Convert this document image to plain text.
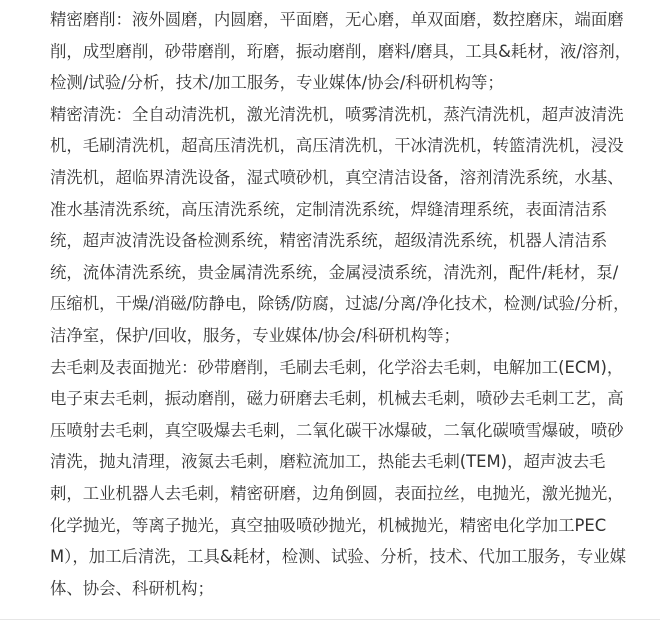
精密磨削：液外圆磨，内圆磨，平面磨，无心磨，单双面磨，数控磨床，端面磨
削，成型磨削，砂带磨削，珩磨，振动磨削，磨料/磨具，工具&耗材，液/溶剂，
检测/试验/分析，技术/加工服务，专业媒体/协会/科研机构等；
精密清洗：全自动清洗机，激光清洗机，喷雾清洗机，蒸汽清洗机，超声波清洗
机，毛刷清洗机，超高压清洗机，高压清洗机，干冰清洗机，转篮清洗机，浸没
清洗机，超临界清洗设备，湿式喷砂机，真空清洁设备，溶剂清洗系统，水基、
准水基清洗系统，高压清洗系统，定制清洗系统，焊缝清理系统，表面清洁系
统，超声波清洗设备检测系统，精密清洗系统，超级清洗系统，机器人清洁系
统，流体清洗系统，贵金属清洗系统，金属浸渍系统，清洗剂，配件/耗材，泵/
压缩机，干燥/消磁/防静电，除锈/防腐，过滤/分离/净化技术，检测/试验/分析，
洁净室，保护/回收，服务，专业媒体/协会/科研机构等；
去毛刺及表面抛光：砂带磨削，毛刷去毛刺，化学浴去毛刺，电解加工(ECM)，
电子束去毛刺，振动磨削，磁力研磨去毛刺，机械去毛刺，喷砂去毛刺工艺，高
压喷射去毛刺，真空吸爆去毛刺，二氧化碳干冰爆破，二氧化碳喷雪爆破，喷砂
清洗，抛丸清理，液氮去毛刺，磨粒流加工，热能去毛刺(TEM)，超声波去毛
刺，工业机器人去毛刺，精密研磨，边角倒圆，表面拉丝，电抛光，激光抛光，
化学抛光，等离子抛光，真空抽吸喷砂抛光，机械抛光，精密电化学加工PEC
M），加工后清洗，工具&耗材，检测、试验、分析，技术、代加工服务，专业媒
体、协会、科研机构；
